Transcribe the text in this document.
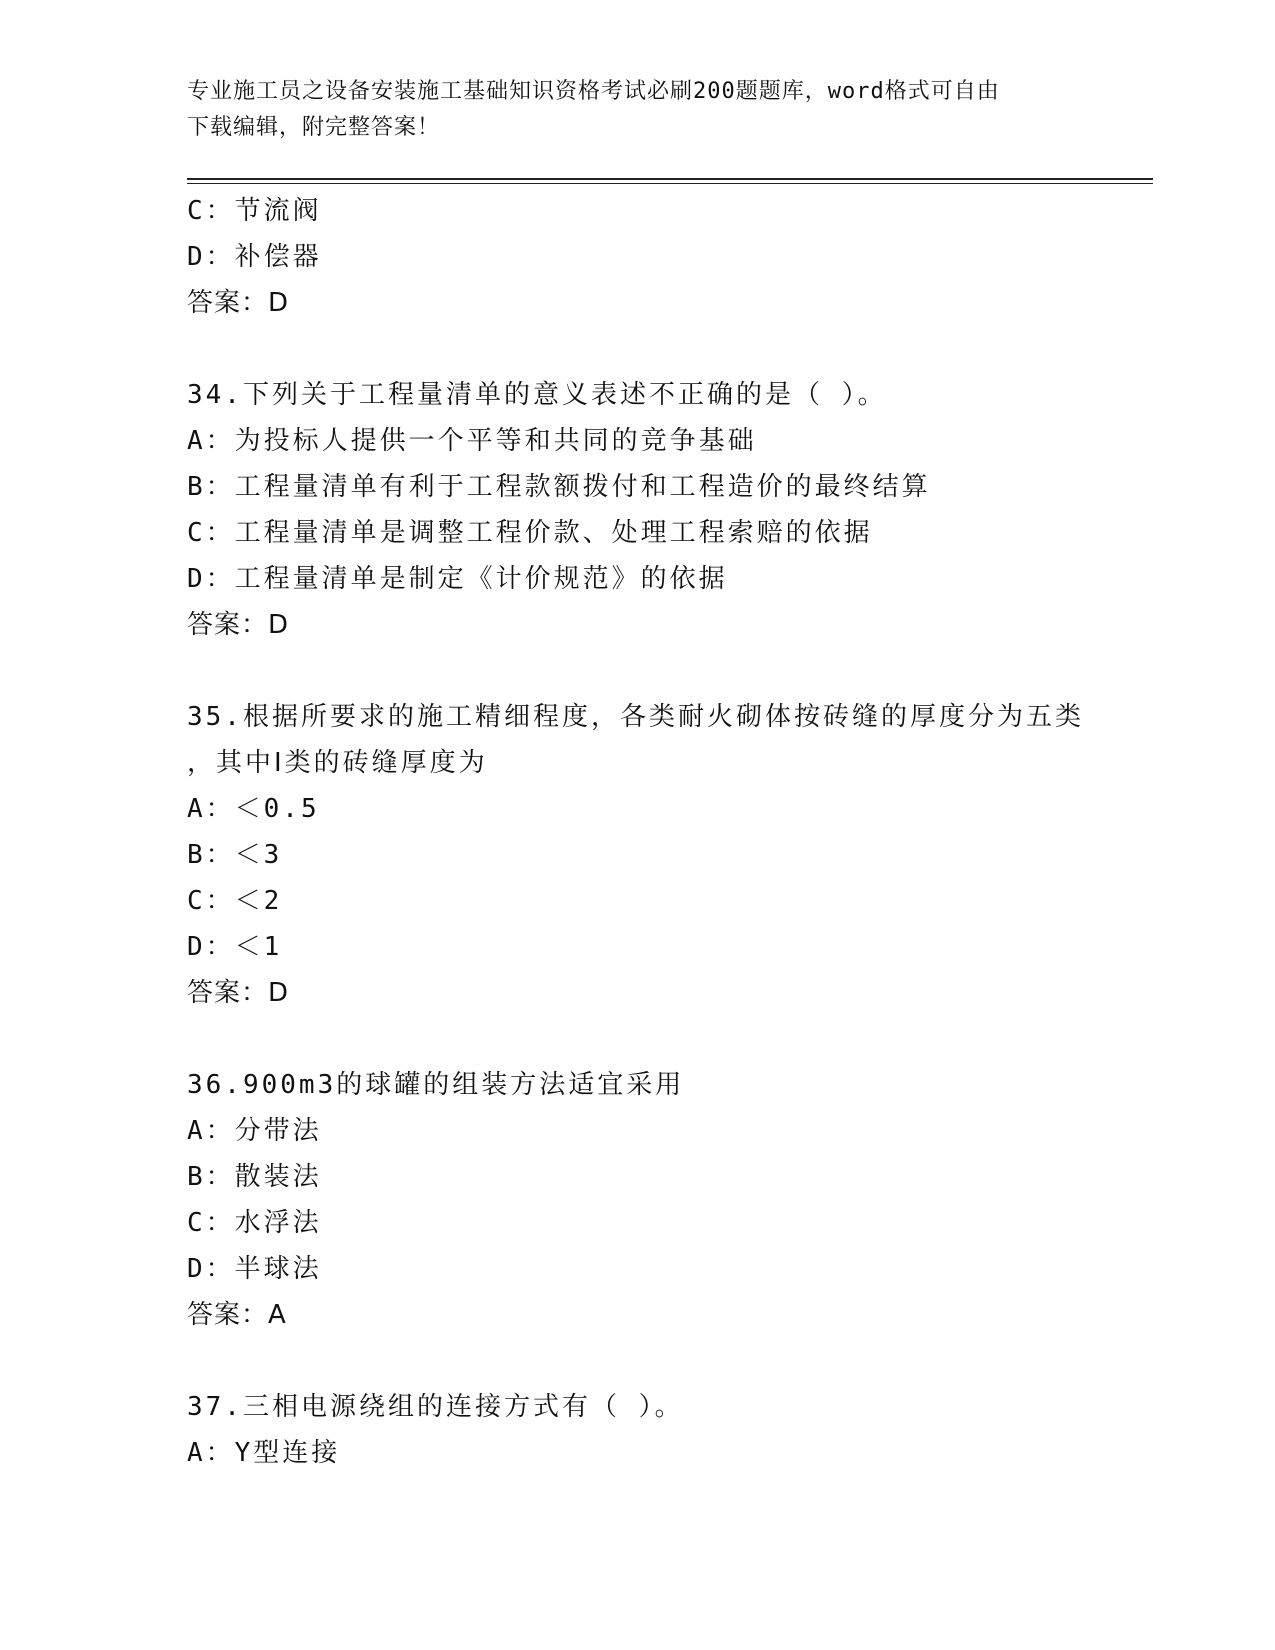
专业施工员之设备安装施工基础知识资格考试必刷200题题库，word格式可自由
下载编辑，附完整答案！
C：节流阀
D：补偿器
答案：D
34.下列关于工程量清单的意义表述不正确的是（ ）。
A：为投标人提供一个平等和共同的竞争基础
B：工程量清单有利于工程款额拨付和工程造价的最终结算
C：工程量清单是调整工程价款、处理工程索赔的依据
D：工程量清单是制定《计价规范》的依据
答案：D
35.根据所要求的施工精细程度，各类耐火砌体按砖缝的厚度分为五类
，其中Ⅰ类的砖缝厚度为
A：＜0.5
B：＜3
C：＜2
D：＜1
答案：D
36.900m3的球罐的组装方法适宜采用
A：分带法
B：散装法
C：水浮法
D：半球法
答案：A
37.三相电源绕组的连接方式有（ ）。
A：Y型连接
